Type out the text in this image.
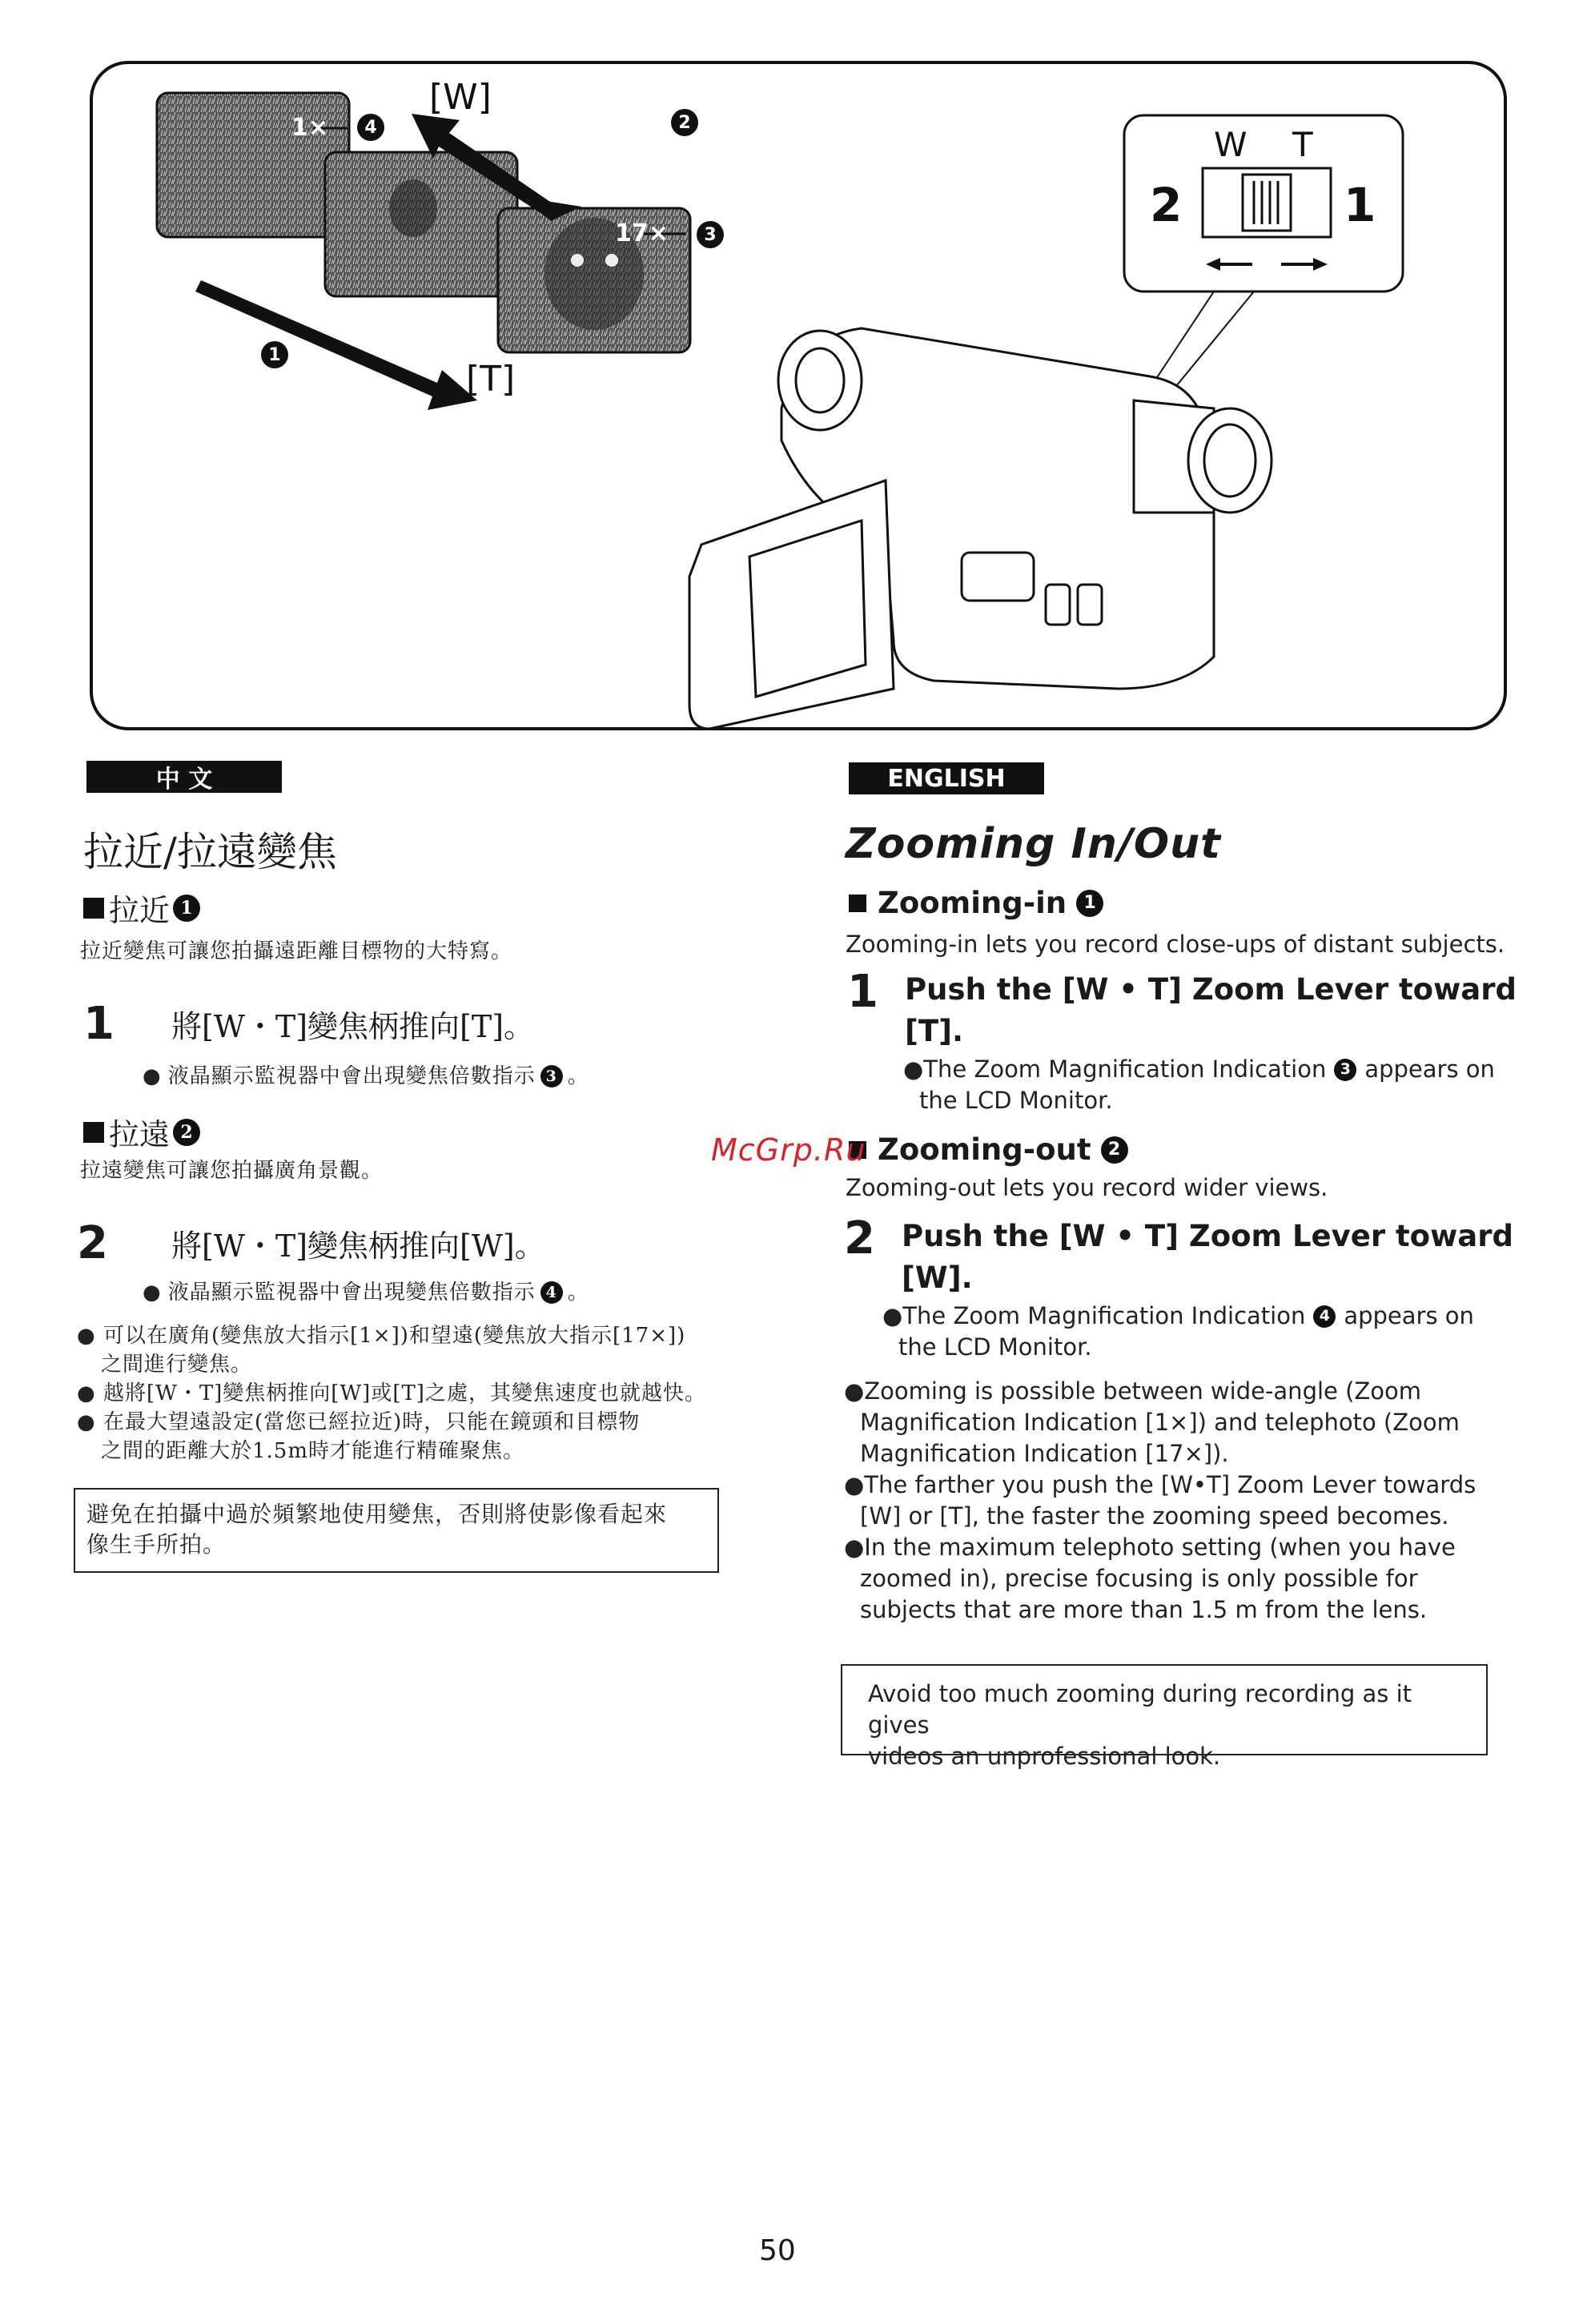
[W]
[T]
1×
17×
4	2
3
1
W T
2	1
中 文
拉近/拉遠變焦
拉近 1
拉近變焦可讓您拍攝遠距離目標物的大特寫。
1	將[W・T]變焦柄推向[T]。
● 液晶顯示監視器中會出現變焦倍數指示 3 。
拉遠 2
拉遠變焦可讓您拍攝廣角景觀。
2	將[W・T]變焦柄推向[W]。
● 液晶顯示監視器中會出現變焦倍數指示 4 。
● 可以在廣角(變焦放大指示[1×])和望遠(變焦放大指示[17×])
之間進行變焦。
● 越將[W・T]變焦柄推向[W]或[T]之處，其變焦速度也就越快。
● 在最大望遠設定(當您已經拉近)時，只能在鏡頭和目標物
之間的距離大於1.5m時才能進行精確聚焦。
避免在拍攝中過於頻繁地使用變焦，否則將使影像看起來
像生手所拍。
ENGLISH
Zooming In/Out
Zooming-in 1
Zooming-in lets you record close-ups of distant subjects.
1 Push the [W • T] Zoom Lever toward
[T].
●The Zoom Magnification Indication 3 appears on
the LCD Monitor.
Zooming-out 2
Zooming-out lets you record wider views.
2 Push the [W • T] Zoom Lever toward
[W].
●The Zoom Magnification Indication 4 appears on
the LCD Monitor.
●Zooming is possible between wide-angle (Zoom
Magnification Indication [1×]) and telephoto (Zoom
Magnification Indication [17×]).
●The farther you push the [W•T] Zoom Lever towards
[W] or [T], the faster the zooming speed becomes.
●In the maximum telephoto setting (when you have
zoomed in), precise focusing is only possible for
subjects that are more than 1.5 m from the lens.
Avoid too much zooming during recording as it gives
videos an unprofessional look.
McGrp.Ru
50
